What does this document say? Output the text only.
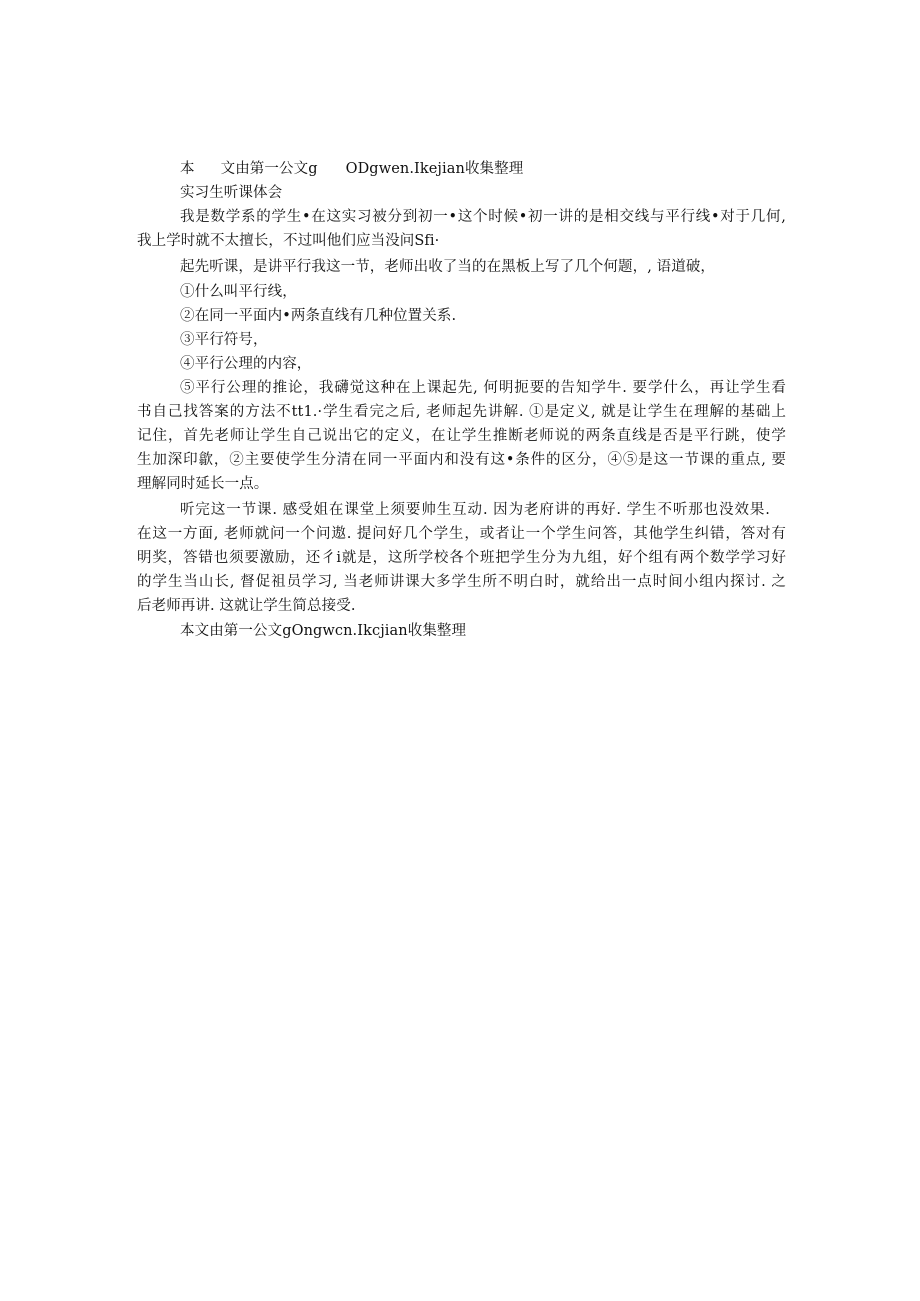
本 文由第一公文g ODgwen.Ikejian收集整理
实习生听课体会
我是数学系的学生•在这实习被分到初一•这个时候•初一讲的是相交线与平行线•对于几何,
我上学时就不太擅长，不过叫他们应当没问Sfi·
起先听课，是讲平行我这一节，老师出收了当的在黑板上写了几个何题，, 语道破，
①什么叫平行线，
②在同一平面内•两条直线有几种位置关系.
③平行符号，
④平行公理的内容，
⑤平行公理的推论，我礴觉这种在上课起先, 何明扼要的告知学牛. 要学什么，再让学生看
书自己找答案的方法不tt1.·学生看完之后, 老师起先讲解. ①是定义, 就是让学生在理解的基础上
记住，首先老师让学生自己说出它的定义，在让学生推断老师说的两条直线是否是平行跳，使学
生加深印歙，②主要使学生分清在同一平面内和没有这•条件的区分，④⑤是这一节课的重点, 要
理解同时延长一点。
听完这一节课. 感受姐在课堂上须要帅生互动. 因为老府讲的再好. 学生不听那也没效果.
在这一方面, 老师就问一个问遨. 提问好几个学生，或者让一个学生问答，其他学生纠错，答对有
明奖，答错也须要激励，还彳i就是，这所学校各个班把学生分为九组，好个组有两个数学学习好
的学生当山长, 督促祖员学习, 当老师讲课大多学生所不明白时，就给出一点时间小组内探讨. 之
后老师再讲. 这就让学生简总接受.
本文由第一公文gOngwcn.Ikcjian收集整理
